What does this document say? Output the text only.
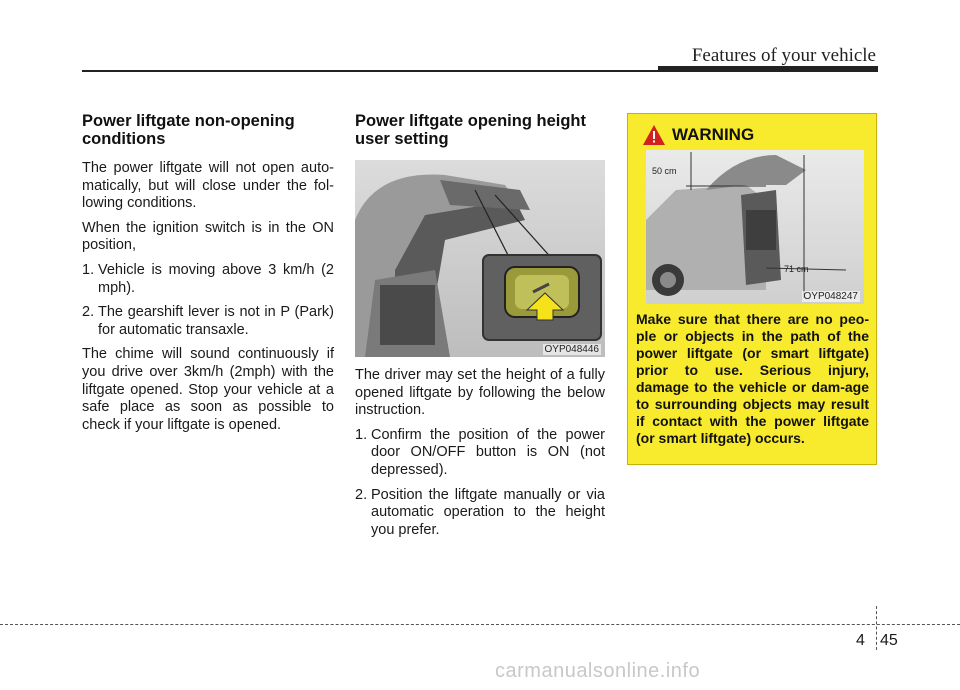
Features of your vehicle
Power liftgate non-opening conditions

The power liftgate will not open auto-matically, but will close under the fol-lowing conditions.

When the ignition switch is in the ON position,

1. Vehicle is moving above 3 km/h (2 mph).
2. The gearshift lever is not in P (Park) for automatic transaxle.

The chime will sound continuously if you drive over 3km/h (2mph) with the liftgate opened. Stop your vehicle at a safe place as soon as possible to check if your liftgate is opened.

Power liftgate opening height user setting
OYP048446

The driver may set the height of a fully opened liftgate by following the below instruction.

1. Confirm the position of the power door ON/OFF button is ON (not depressed).
2. Position the liftgate manually or via automatic operation to the height you prefer.
WARNING
50 cm
71 cm
OYP048247
Make sure that there are no peo-ple or objects in the path of the power liftgate (or smart liftgate) prior to use. Serious injury, damage to the vehicle or dam-age to surrounding objects may result if contact with the power liftgate (or smart liftgate) occurs.
4 45
carmanualsonline.info
